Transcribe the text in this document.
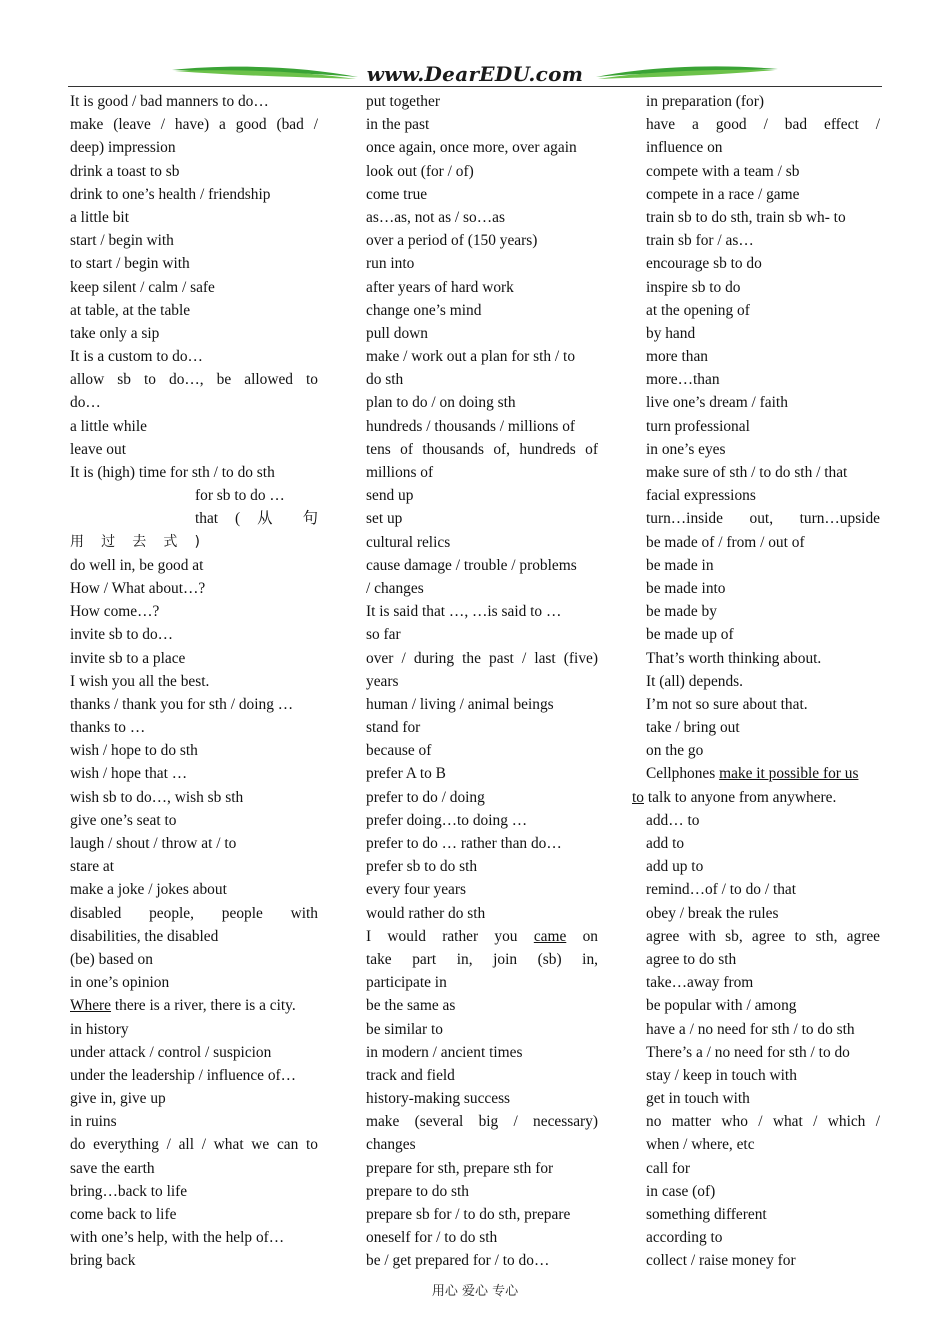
www.DearEDU.com
It is good / bad manners to do…
make (leave / have) a good (bad /
deep) impression
drink a toast to sb
drink to one’s health / friendship
a little bit
start / begin with
to start / begin with
keep silent / calm / safe
at table, at the table
take only a sip
It is a custom to do…
allow sb to do…, be allowed to
do…
a little while
leave out
It is (high) time for sth / to do sth
for sb to do …
that ( 从 句
用 过 去 式 )
do well in, be good at
How / What about…?
How come…?
invite sb to do…
invite sb to a place
I wish you all the best.
thanks / thank you for sth / doing …
thanks to …
wish / hope to do sth
wish / hope that …
wish sb to do…, wish sb sth
give one’s seat to
laugh / shout / throw at / to
stare at
make a joke / jokes about
disabled people, people with
disabilities, the disabled
(be) based on
in one’s opinion
Where there is a river, there is a city.
in history
under attack / control / suspicion
under the leadership / influence of…
give in, give up
in ruins
do everything / all / what we can to
save the earth
bring…back to life
come back to life
with one’s help, with the help of…
bring back
put together
in the past
once again, once more, over again
look out (for / of)
come true
as…as, not as / so…as
over a period of (150 years)
run into
after years of hard work
change one’s mind
pull down
make / work out a plan for sth / to
do sth
plan to do / on doing sth
hundreds / thousands / millions of
tens of thousands of, hundreds of
millions of
send up
set up
cultural relics
cause damage / trouble / problems
/ changes
It is said that …, …is said to …
so far
over / during the past / last (five)
years
human / living / animal beings
stand for
because of
prefer A to B
prefer to do / doing
prefer doing…to doing …
prefer to do … rather than do…
prefer sb to do sth
every four years
would rather do sth
I would rather you came on
take part in, join (sb) in,
participate in
be the same as
be similar to
in modern / ancient times
track and field
history-making success
make (several big / necessary)
changes
prepare for sth, prepare sth for
prepare to do sth
prepare sb for / to do sth, prepare
oneself for / to do sth
be / get prepared for / to do…
in preparation (for)
have a good / bad effect /
influence on
compete with a team / sb
compete in a race / game
train sb to do sth, train sb wh- to
train sb for / as…
encourage sb to do
inspire sb to do
at the opening of
by hand
more than
more…than
live one’s dream / faith
turn professional
in one’s eyes
make sure of sth / to do sth / that
facial expressions
turn…inside out, turn…upside
be made of / from / out of
be made in
be made into
be made by
be made up of
That’s worth thinking about.
It (all) depends.
I’m not so sure about that.
take / bring out
on the go
Cellphones make it possible for us
to talk to anyone from anywhere.
add… to
add to
add up to
remind…of / to do / that
obey / break the rules
agree with sb, agree to sth, agree
agree to do sth
take…away from
be popular with / among
have a / no need for sth / to do sth
There’s a / no need for sth / to do
stay / keep in touch with
get in touch with
no matter who / what / which /
when / where, etc
call for
in case (of)
something different
according to
collect / raise money for
用心 爱心 专心
